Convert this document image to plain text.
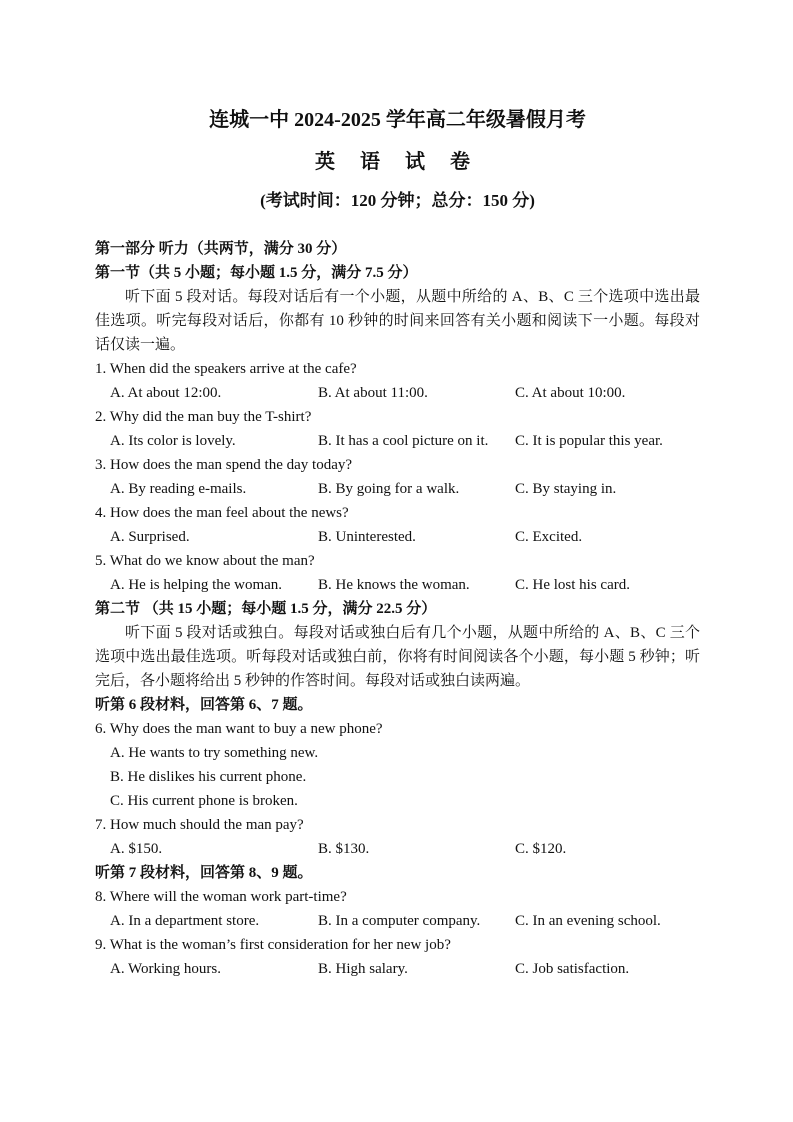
连城一中 2024-2025 学年高二年级暑假月考
英 语 试 卷
(考试时间：120 分钟；总分：150 分)
第一部分 听力（共两节，满分 30 分）
第一节（共 5 小题；每小题 1.5 分，满分 7.5 分）

听下面 5 段对话。每段对话后有一个小题，从题中所给的 A、B、C 三个选项中选出最佳选项。听完每段对话后，你都有 10 秒钟的时间来回答有关小题和阅读下一小题。每段对话仅读一遍。

1. When did the speakers arrive at the cafe?
A. At about 12:00.	B. At about 11:00.	C. At about 10:00.
2. Why did the man buy the T-shirt?
A. Its color is lovely.	B. It has a cool picture on it.	C. It is popular this year.
3. How does the man spend the day today?
A. By reading e-mails.	B. By going for a walk.	C. By staying in.
4. How does the man feel about the news?
A. Surprised.	B. Uninterested.	C. Excited.
5. What do we know about the man?
A. He is helping the woman.	B. He knows the woman.	C. He lost his card.
第二节 （共 15 小题；每小题 1.5 分，满分 22.5 分）

听下面 5 段对话或独白。每段对话或独白后有几个小题，从题中所给的 A、B、C 三个选项中选出最佳选项。听每段对话或独白前，你将有时间阅读各个小题，每小题 5 秒钟；听完后，各小题将给出 5 秒钟的作答时间。每段对话或独白读两遍。

听第 6 段材料，回答第 6、7 题。
6. Why does the man want to buy a new phone?
A. He wants to try something new.
B. He dislikes his current phone.
C. His current phone is broken.
7. How much should the man pay?
A. $150.	B. $130.	C. $120.
听第 7 段材料，回答第 8、9 题。
8. Where will the woman work part-time?
A. In a department store.	B. In a computer company.	C. In an evening school.
9. What is the woman’s first consideration for her new job?
A. Working hours.	B. High salary.	C. Job satisfaction.
